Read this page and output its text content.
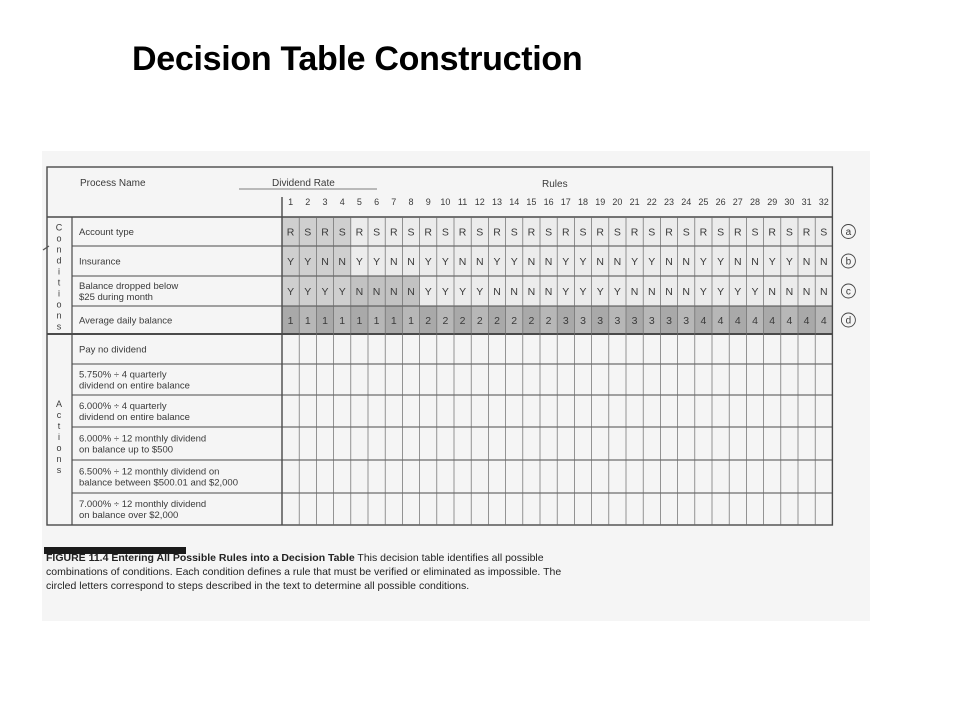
Decision Table Construction
Process Name	Dividend Rate	Rules
1 2 3 4 5 6 7 8 9 10 11 12 13 14 15 16 17 18 19 20 21 22 23 24 25 26 27 28 29 30 31 32
C
o
n
d
i
t
i
o
n
s
A
c
t
i
o
n
s
Account type	R S R S R S R S R S R S R S R S R S R S R S R S R S R S R S R S a
Insurance	Y Y N N Y Y N N Y Y N N Y Y N N Y Y N N Y Y N N Y Y N N Y Y N N b
Balance dropped below
$25 during month	Y Y Y Y N N N N Y Y Y Y N N N N Y Y Y Y N N N N Y Y Y Y N N N N c
Average daily balance	1 1 1 1 1 1 1 1 2 2 2 2 2 2 2 2 3 3 3 3 3 3 3 3 4 4 4 4 4 4 4 4 d
Pay no dividend
5.750% ÷ 4 quarterly
dividend on entire balance
6.000% ÷ 4 quarterly
dividend on entire balance
6.000% ÷ 12 monthly dividend
on balance up to $500
6.500% ÷ 12 monthly dividend on
balance between $500.01 and $2,000
7.000% ÷ 12 monthly dividend
on balance over $2,000
FIGURE 11.4 Entering All Possible Rules into a Decision Table This decision table identifies all possible
combinations of conditions. Each condition defines a rule that must be verified or eliminated as impossible. The
circled letters correspond to steps described in the text to determine all possible conditions.
